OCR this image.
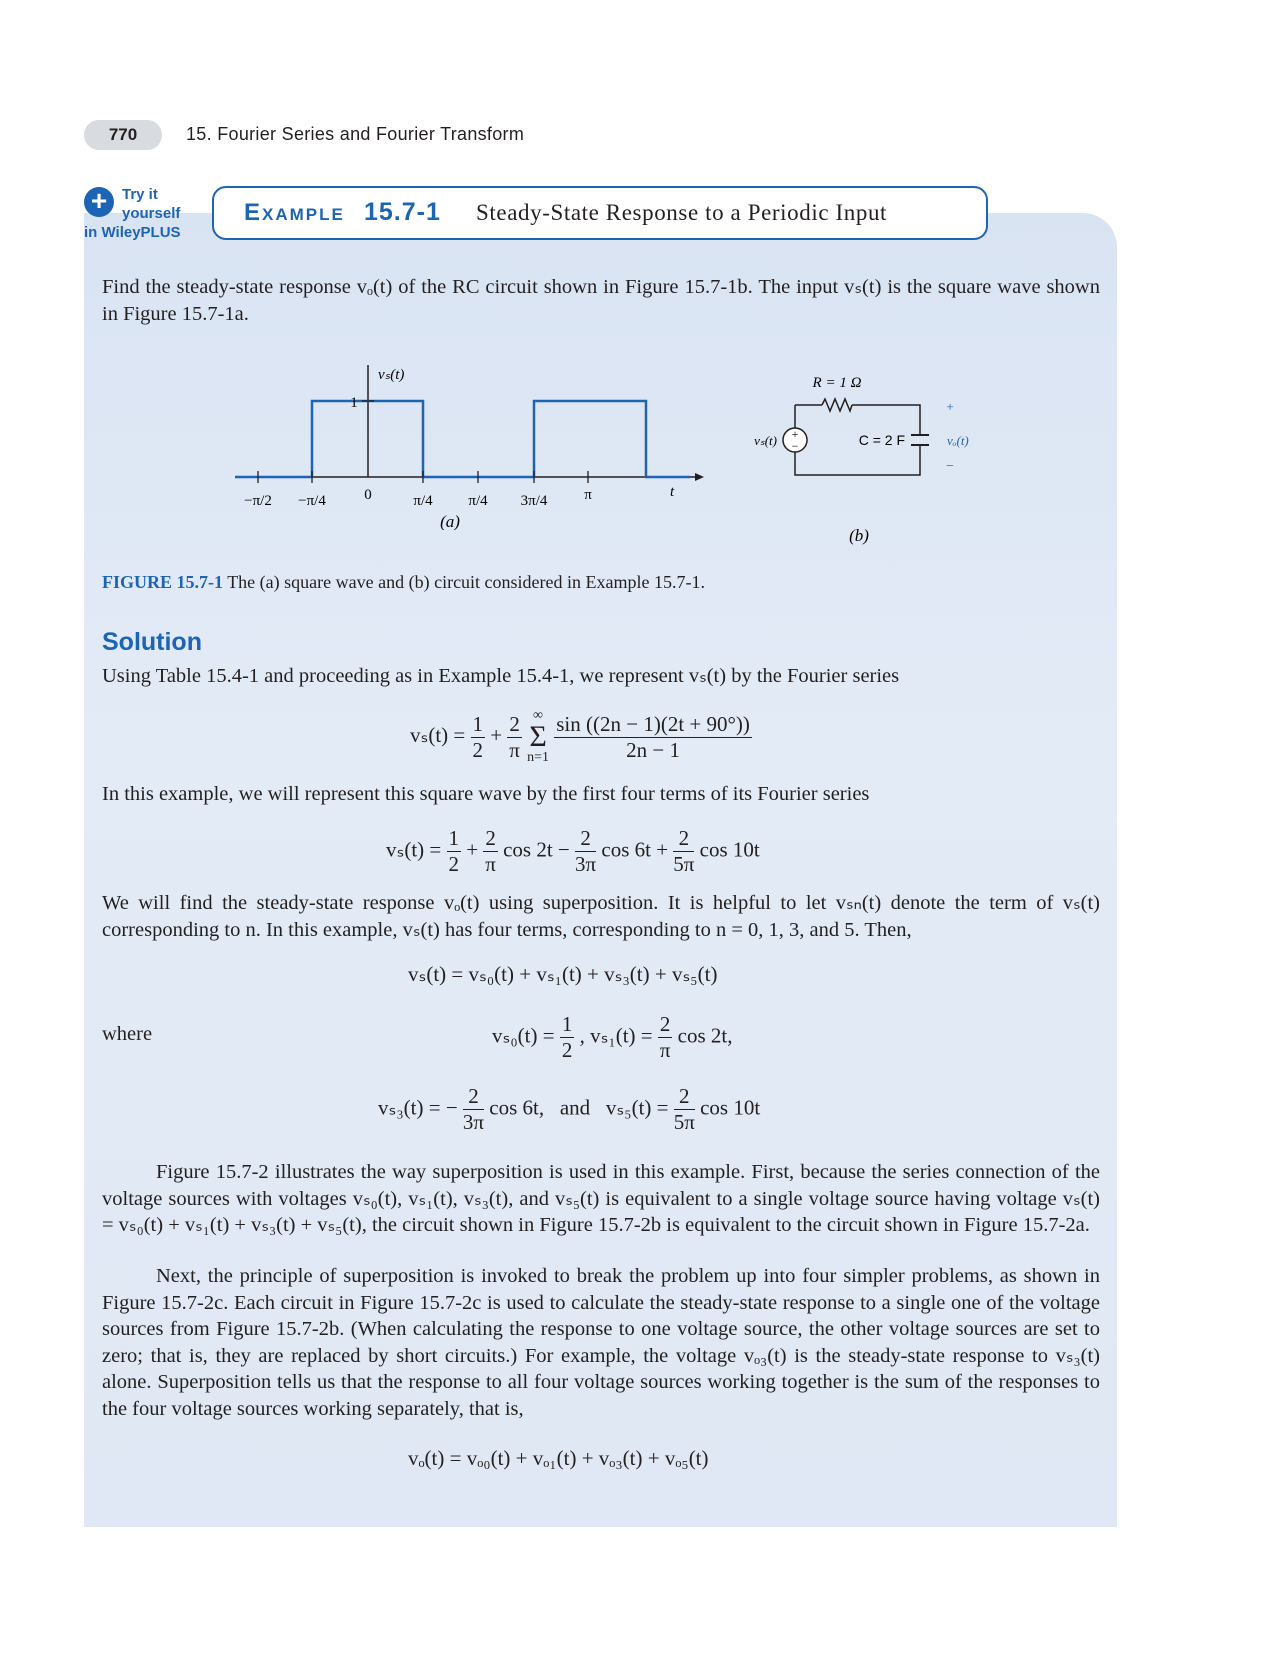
770	15. Fourier Series and Fourier Transform
+ Try it
yourself
in WileyPLUS
Example 15.7-1 Steady-State Response to a Periodic Input
Find the steady-state response vₒ(t) of the RC circuit shown in Figure 15.7-1b. The input vₛ(t) is the square wave shown in Figure 15.7-1a.
1
vₛ(t)
t
−π/2 −π/4	0	π/4 π/4 3π/4 π
(a)
+
−
R = 1 Ω
C = 2 F
vₛ(t)
+
vₒ(t)
−
(b)
FIGURE 15.7-1 The (a) square wave and (b) circuit considered in Example 15.7-1.
Solution
Using Table 15.4-1 and proceeding as in Example 15.4-1, we represent vₛ(t) by the Fourier series
$v_s(t) = \frac{1}{2} + \frac{2}{\pi}$
∞
Σ
n=1
$\frac{\sin ((2n - 1)(2t + 90^\circ))}{2n - 1}$
In this example, we will represent this square wave by the first four terms of its Fourier series
$v_s(t) = \frac{1}{2} + \frac{2}{\pi}$ $\cos 2t - \frac{2}{3\pi}$ $\cos 6t + \frac{2}{5\pi}$ cos 10t
We will find the steady-state response vₒ(t) using superposition. It is helpful to let vₛₙ(t) denote the term of vₛ(t) corresponding to n. In this example, vₛ(t) has four terms, corresponding to n = 0, 1, 3, and 5. Then,
vₛ(t) = vₛ₀(t) + vₛ₁(t) + vₛ₃(t) + vₛ₅(t)
where	$v_{s0}(t) = \frac{1}{2}$ , $v_{s1}(t) = \frac{2}{\pi}$ cos 2t,
vₛ₃(t) = − $\frac{2}{3\pi}$ cos 6t,   and   $v_{s5}(t) = \frac{2}{5\pi}$ cos 10t
Figure 15.7-2 illustrates the way superposition is used in this example. First, because the series connection of the voltage sources with voltages vₛ₀(t), vₛ₁(t), vₛ₃(t), and vₛ₅(t) is equivalent to a single voltage source having voltage vₛ(t) = vₛ₀(t) + vₛ₁(t) + vₛ₃(t) + vₛ₅(t), the circuit shown in Figure 15.7-2b is equivalent to the circuit shown in Figure 15.7-2a.
Next, the principle of superposition is invoked to break the problem up into four simpler problems, as shown in Figure 15.7-2c. Each circuit in Figure 15.7-2c is used to calculate the steady-state response to a single one of the voltage sources from Figure 15.7-2b. (When calculating the response to one voltage source, the other voltage sources are set to zero; that is, they are replaced by short circuits.) For example, the voltage vₒ₃(t) is the steady-state response to vₛ₃(t) alone. Superposition tells us that the response to all four voltage sources working together is the sum of the responses to the four voltage sources working separately, that is,
vₒ(t) = vₒ₀(t) + vₒ₁(t) + vₒ₃(t) + vₒ₅(t)
